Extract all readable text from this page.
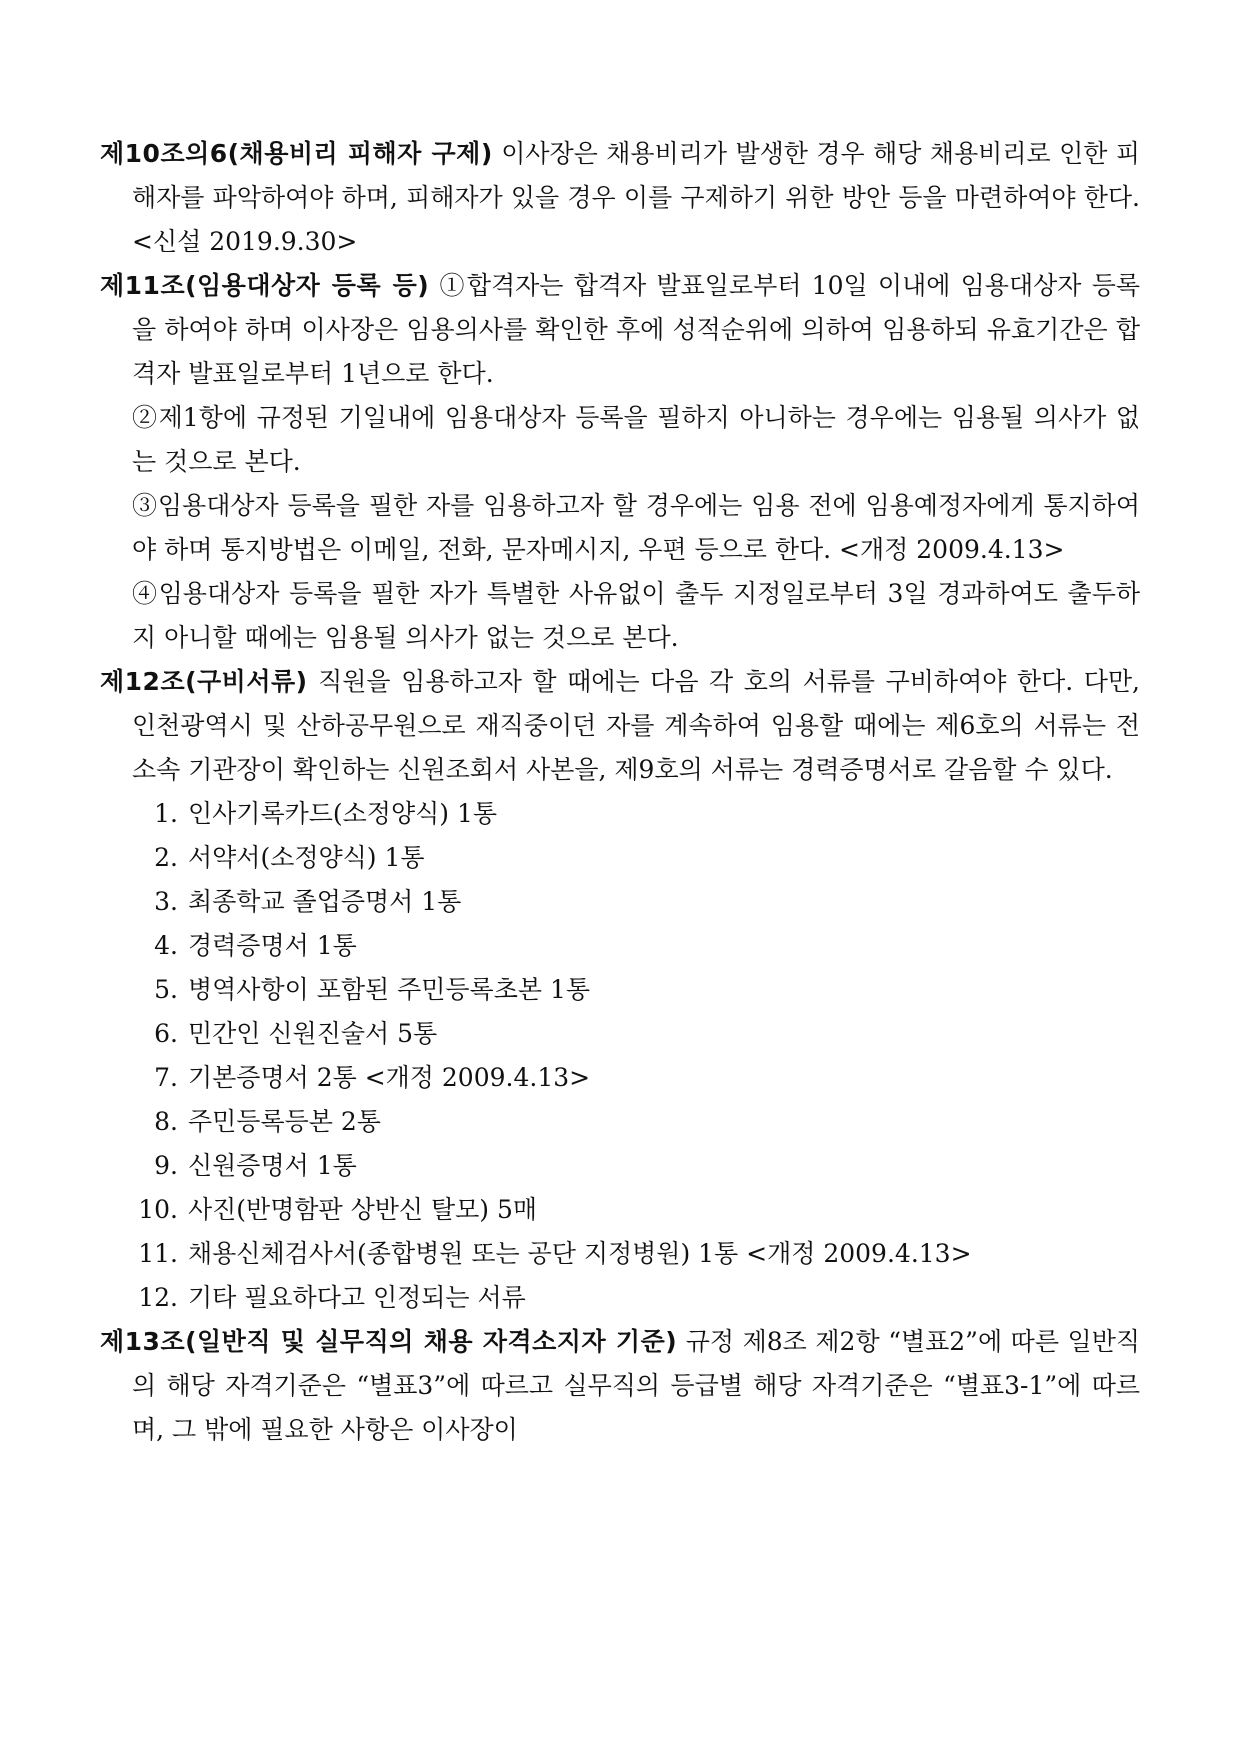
제10조의6(채용비리 피해자 구제) 이사장은 채용비리가 발생한 경우 해당 채용비리로 인한 피해자를 파악하여야 하며, 피해자가 있을 경우 이를 구제하기 위한 방안 등을 마련하여야 한다. <신설 2019.9.30>

제11조(임용대상자 등록 등) ①합격자는 합격자 발표일로부터 10일 이내에 임용대상자 등록을 하여야 하며 이사장은 임용의사를 확인한 후에 성적순위에 의하여 임용하되 유효기간은 합격자 발표일로부터 1년으로 한다.

②제1항에 규정된 기일내에 임용대상자 등록을 필하지 아니하는 경우에는 임용될 의사가 없는 것으로 본다.

③임용대상자 등록을 필한 자를 임용하고자 할 경우에는 임용 전에 임용예정자에게 통지하여야 하며 통지방법은 이메일, 전화, 문자메시지, 우편 등으로 한다. <개정 2009.4.13>

④임용대상자 등록을 필한 자가 특별한 사유없이 출두 지정일로부터 3일 경과하여도 출두하지 아니할 때에는 임용될 의사가 없는 것으로 본다.

제12조(구비서류) 직원을 임용하고자 할 때에는 다음 각 호의 서류를 구비하여야 한다. 다만, 인천광역시 및 산하공무원으로 재직중이던 자를 계속하여 임용할 때에는 제6호의 서류는 전소속 기관장이 확인하는 신원조회서 사본을, 제9호의 서류는 경력증명서로 갈음할 수 있다.

1. 인사기록카드(소정양식) 1통
2. 서약서(소정양식) 1통
3. 최종학교 졸업증명서 1통
4. 경력증명서 1통
5. 병역사항이 포함된 주민등록초본 1통
6. 민간인 신원진술서 5통
7. 기본증명서 2통 <개정 2009.4.13>
8. 주민등록등본 2통
9. 신원증명서 1통
10. 사진(반명함판 상반신 탈모) 5매
11. 채용신체검사서(종합병원 또는 공단 지정병원) 1통 <개정 2009.4.13>
12. 기타 필요하다고 인정되는 서류

제13조(일반직 및 실무직의 채용 자격소지자 기준) 규정 제8조 제2항 “별표2”에 따른 일반직의 해당 자격기준은 “별표3”에 따르고 실무직의 등급별 해당 자격기준은 “별표3-1”에 따르며, 그 밖에 필요한 사항은 이사장이
